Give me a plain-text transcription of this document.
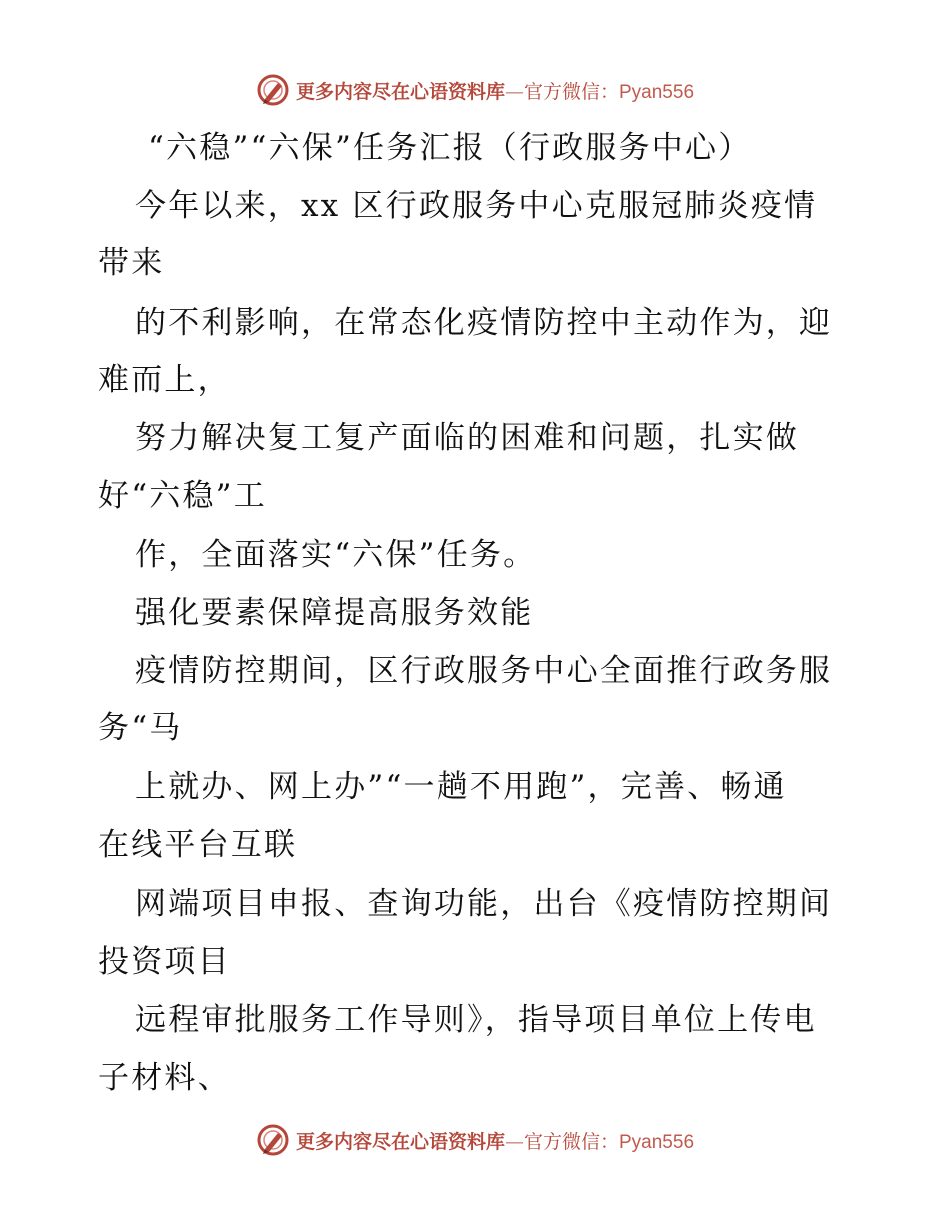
更多内容尽在心语资料库—官方微信：Pyan556
“六稳”“六保”任务汇报（行政服务中心）
今年以来，xx 区行政服务中心克服冠肺炎疫情
带来
的不利影响，在常态化疫情防控中主动作为，迎
难而上，
努力解决复工复产面临的困难和问题，扎实做
好“六稳”工
作，全面落实“六保”任务。
强化要素保障提高服务效能
疫情防控期间，区行政服务中心全面推行政务服
务“马
上就办、网上办”“一趟不用跑”，完善、畅通
在线平台互联
网端项目申报、查询功能，出台《疫情防控期间
投资项目
远程审批服务工作导则》，指导项目单位上传电
子材料、
更多内容尽在心语资料库—官方微信：Pyan556
